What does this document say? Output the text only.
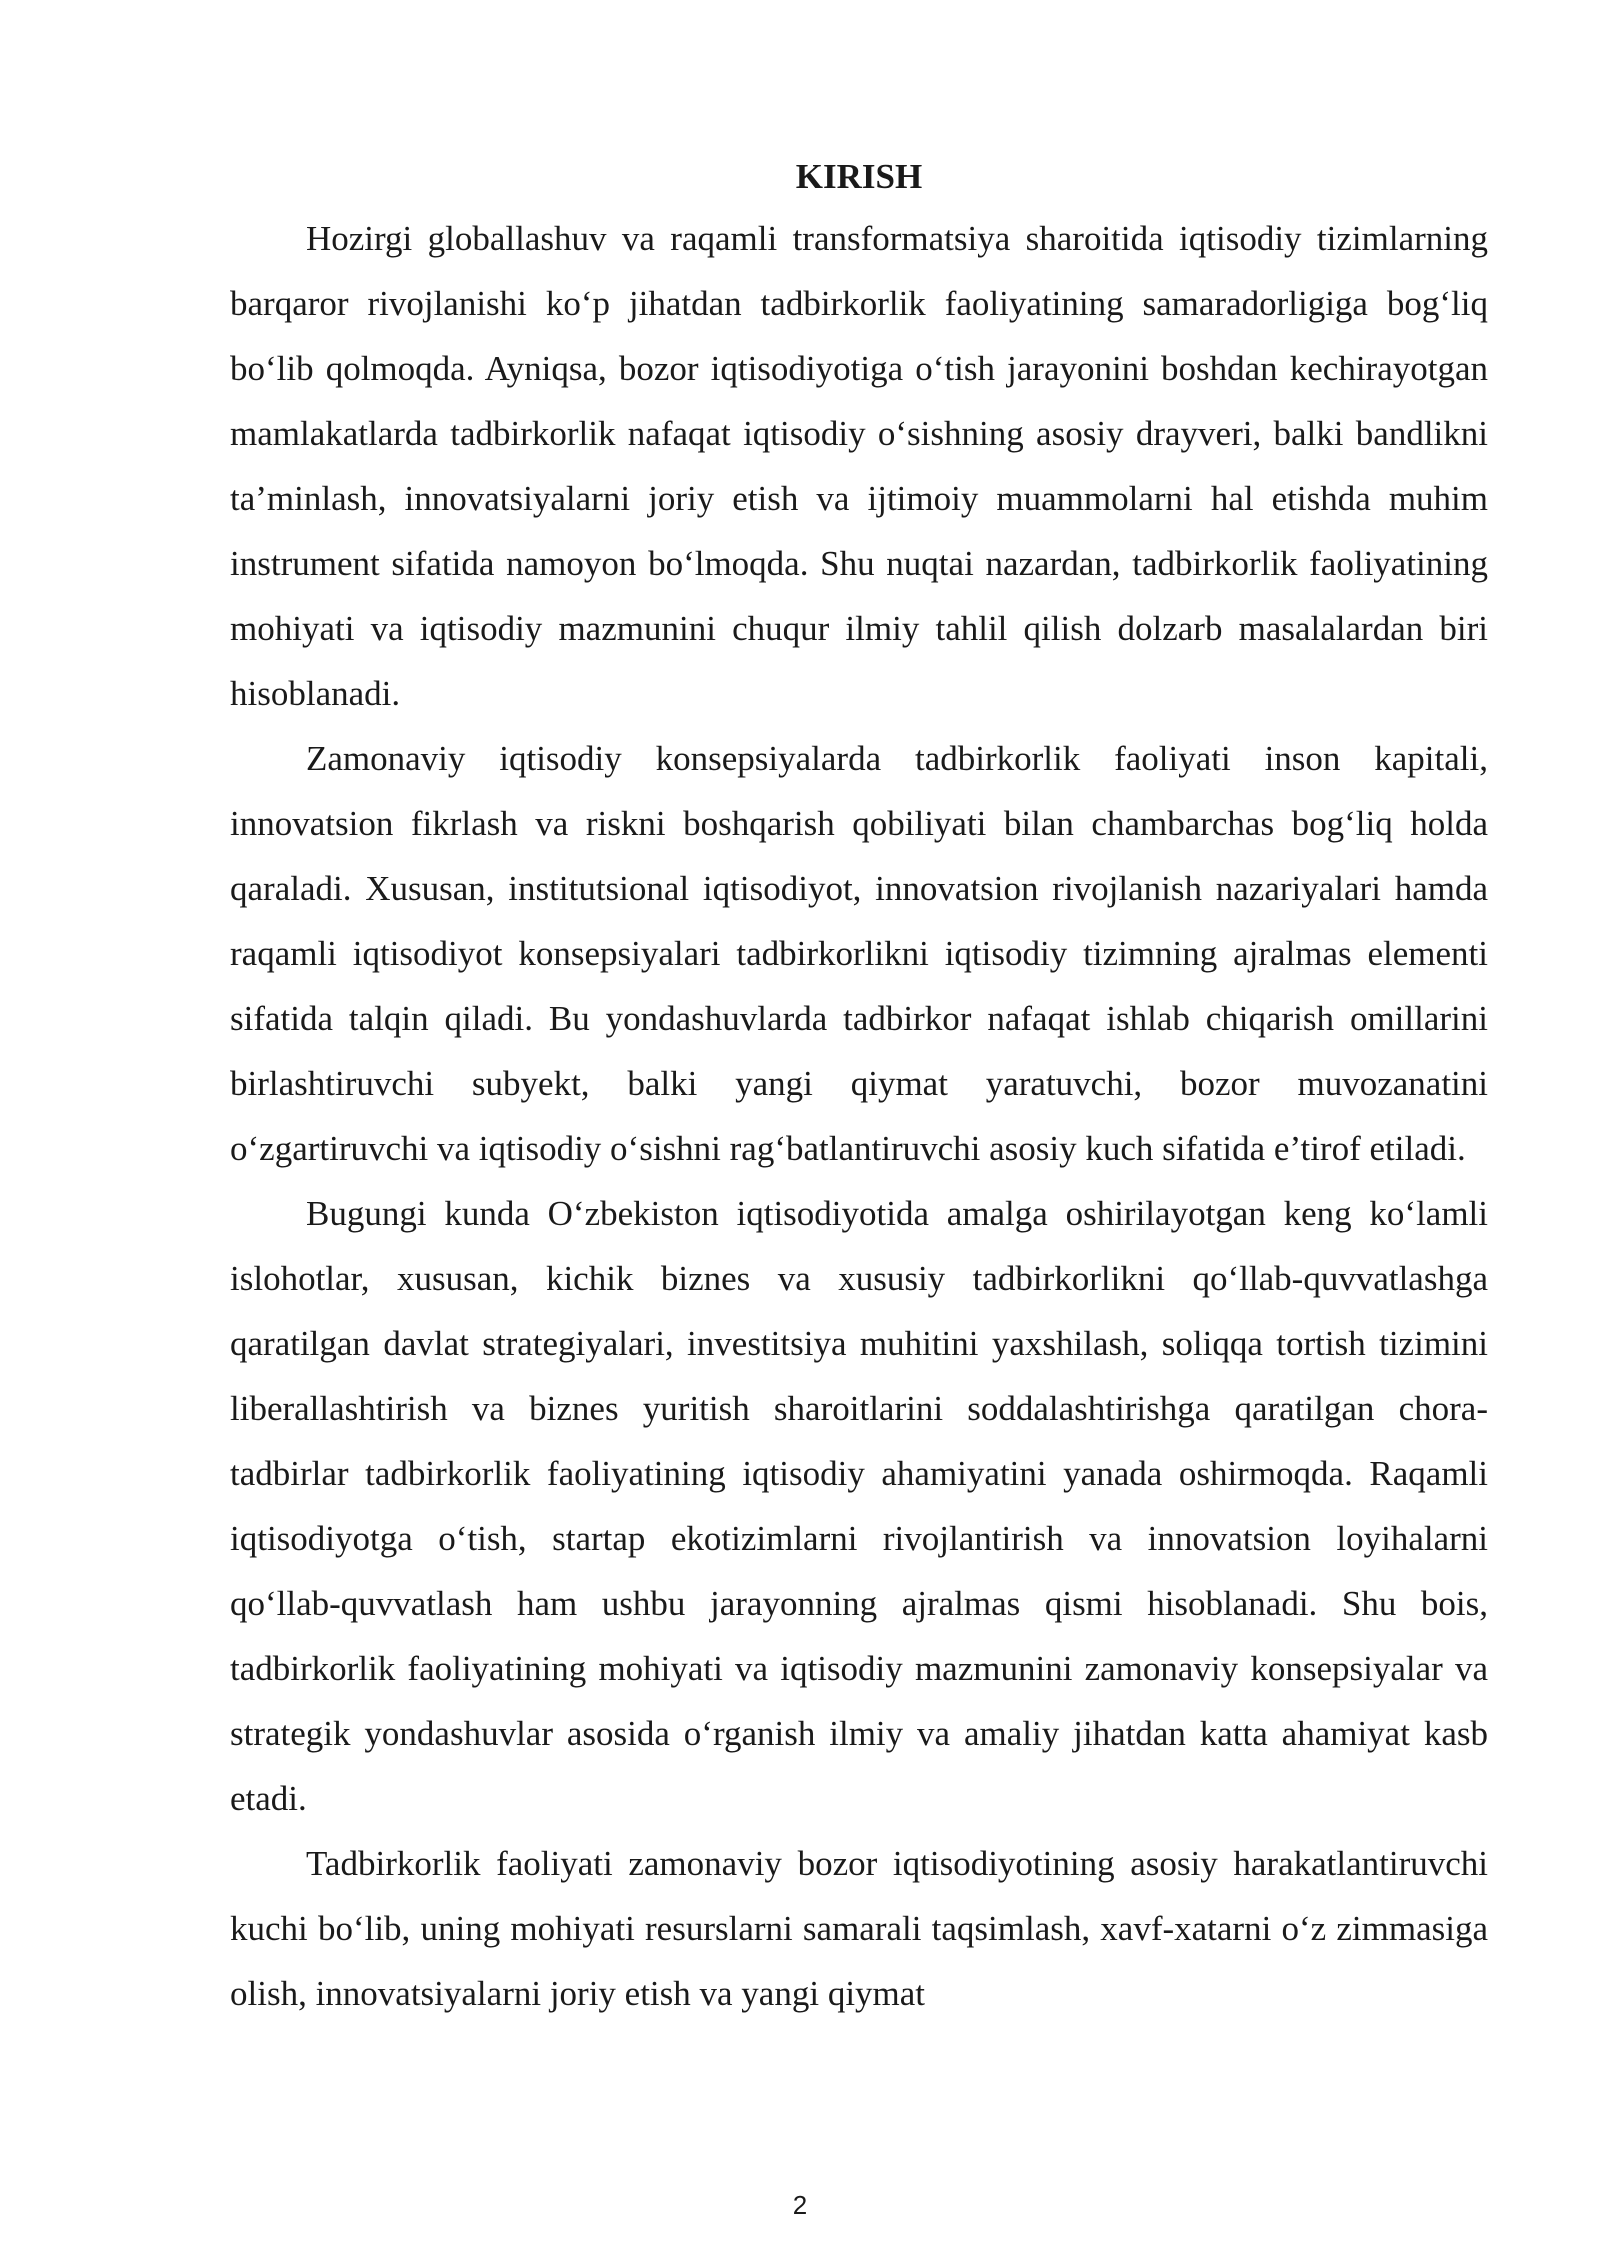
KIRISH

Hozirgi globallashuv va raqamli transformatsiya sharoitida iqtisodiy tizimlarning barqaror rivojlanishi ko‘p jihatdan tadbirkorlik faoliyatining samaradorligiga bog‘liq bo‘lib qolmoqda. Ayniqsa, bozor iqtisodiyotiga o‘tish jarayonini boshdan kechirayotgan mamlakatlarda tadbirkorlik nafaqat iqtisodiy o‘sishning asosiy drayveri, balki bandlikni ta’minlash, innovatsiyalarni joriy etish va ijtimoiy muammolarni hal etishda muhim instrument sifatida namoyon bo‘lmoqda. Shu nuqtai nazardan, tadbirkorlik faoliyatining mohiyati va iqtisodiy mazmunini chuqur ilmiy tahlil qilish dolzarb masalalardan biri hisoblanadi.

Zamonaviy iqtisodiy konsepsiyalarda tadbirkorlik faoliyati inson kapitali, innovatsion fikrlash va riskni boshqarish qobiliyati bilan chambarchas bog‘liq holda qaraladi. Xususan, institutsional iqtisodiyot, innovatsion rivojlanish nazariyalari hamda raqamli iqtisodiyot konsepsiyalari tadbirkorlikni iqtisodiy tizimning ajralmas elementi sifatida talqin qiladi. Bu yondashuvlarda tadbirkor nafaqat ishlab chiqarish omillarini birlashtiruvchi subyekt, balki yangi qiymat yaratuvchi, bozor muvozanatini o‘zgartiruvchi va iqtisodiy o‘sishni rag‘batlantiruvchi asosiy kuch sifatida e’tirof etiladi.

Bugungi kunda O‘zbekiston iqtisodiyotida amalga oshirilayotgan keng ko‘lamli islohotlar, xususan, kichik biznes va xususiy tadbirkorlikni qo‘llab-quvvatlashga qaratilgan davlat strategiyalari, investitsiya muhitini yaxshilash, soliqqa tortish tizimini liberallashtirish va biznes yuritish sharoitlarini soddalashtirishga qaratilgan chora-tadbirlar tadbirkorlik faoliyatining iqtisodiy ahamiyatini yanada oshirmoqda. Raqamli iqtisodiyotga o‘tish, startap ekotizimlarni rivojlantirish va innovatsion loyihalarni qo‘llab-quvvatlash ham ushbu jarayonning ajralmas qismi hisoblanadi. Shu bois, tadbirkorlik faoliyatining mohiyati va iqtisodiy mazmunini zamonaviy konsepsiyalar va strategik yondashuvlar asosida o‘rganish ilmiy va amaliy jihatdan katta ahamiyat kasb etadi.

Tadbirkorlik faoliyati zamonaviy bozor iqtisodiyotining asosiy harakatlantiruvchi kuchi bo‘lib, uning mohiyati resurslarni samarali taqsimlash, xavf-xatarni o‘z zimmasiga olish, innovatsiyalarni joriy etish va yangi qiymat

2
